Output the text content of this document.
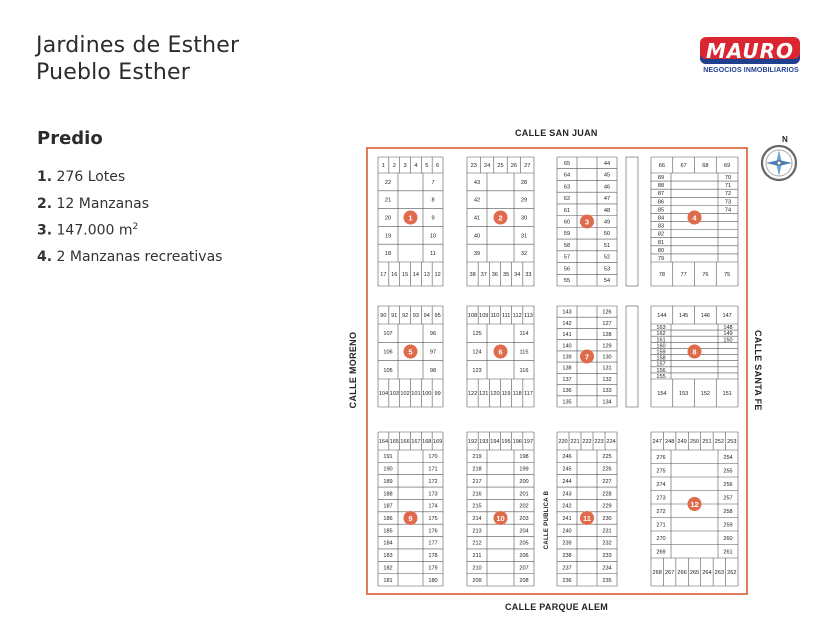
Jardines de Esther
Pueblo Esther
MAURO
NEGOCIOS INMOBILIARIOS
Predio
1. 276 Lotes
2. 12 Manzanas
3. 147.000 $m^2$
4. 2 Manzanas recreativas
CALLE SAN JUAN
CALLE PARQUE ALEM
CALLE MORENO	CALLE SANTA FE
CALLE PUBLICA B
N
1 2 3 4 5 6
17 16 15 14 13 12
22	7
21	8
20	9
19	10
18	11
1
23 24 25 26 27
38 37 36 35 34 33
43	28
42	29
41	30
40	31
39	32
2
65	44
64	45
63	46
62	47
61	48
60	49
59	50
58	51
57	52
56	53
55	54
3
66	67	68	69
78	77	76	75
89	70
88	71
87	72
86	73
85	74
84
83
82
81
80
79
4
90 91 92 93 94 95
104 103 102 101 100 99
107	96
106	97
105	98
5
108 109 110 111 112 113
122 121 120 119 118 117
125	114
124	115
123	116
6
143	126
142	127
141	128
140	129
139	130
138	131
137	132
136	133
135	134
7
144 145 146 147
154 153 152 151
163	148
162	149
161	150
160
159
158
157
156
155
8
164 165 166 167 168 169
191	170
190	171
189	172
188	173
187	174
186	175
185	176
184	177
183	178
182	179
181	180
9
192 193 194 195 196 197
219	198
218	199
217	200
216	201
215	202
214	203
213	204
212	205
211	206
210	207
209	208
10
220 221 222 223 224
246	225
245	226
244	227
243	228
242	229
241	230
240	231
239	232
238	233
237	234
236	235
11
247 248 249 250 251 252 253
268 267 266 265 264 263 262
276	254
275	255
274	256
273	257
272	258
271	259
270	260
269	261
12
